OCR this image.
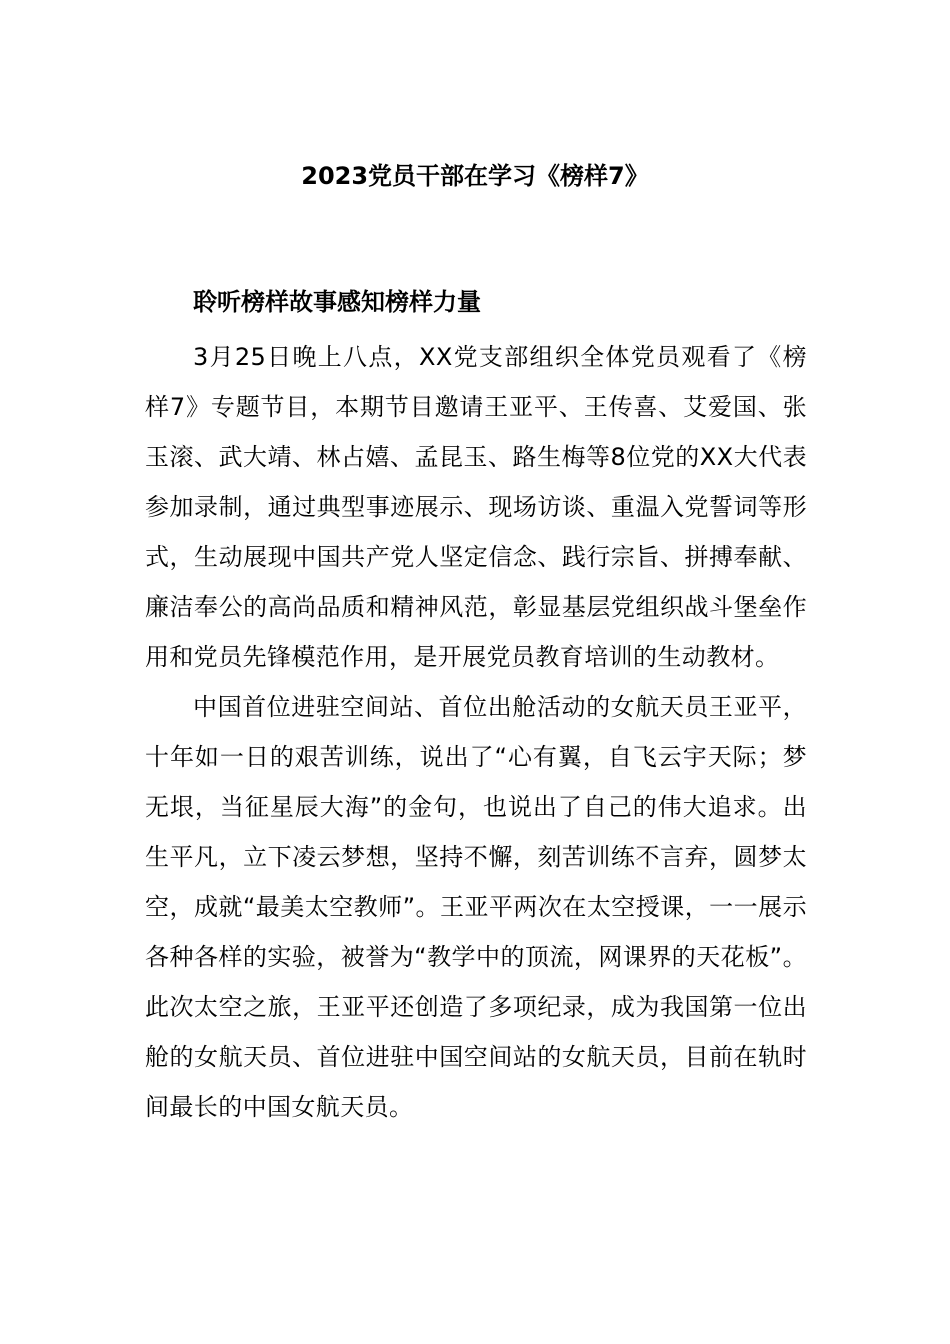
2023党员干部在学习《榜样7》
聆听榜样故事感知榜样力量

3月25日晚上八点，XX党支部组织全体党员观看了《榜样7》专题节目，本期节目邀请王亚平、王传喜、艾爱国、张玉滚、武大靖、林占嬉、孟昆玉、路生梅等8位党的XX大代表参加录制，通过典型事迹展示、现场访谈、重温入党誓词等形式，生动展现中国共产党人坚定信念、践行宗旨、拼搏奉献、廉洁奉公的高尚品质和精神风范，彰显基层党组织战斗堡垒作用和党员先锋模范作用，是开展党员教育培训的生动教材。

中国首位进驻空间站、首位出舱活动的女航天员王亚平，十年如一日的艰苦训练，说出了“心有翼，自飞云宇天际；梦无垠，当征星辰大海”的金句，也说出了自己的伟大追求。出生平凡，立下凌云梦想，坚持不懈，刻苦训练不言弃，圆梦太空，成就“最美太空教师”。王亚平两次在太空授课，一一展示各种各样的实验，被誉为“教学中的顶流，网课界的天花板”。此次太空之旅，王亚平还创造了多项纪录，成为我国第一位出舱的女航天员、首位进驻中国空间站的女航天员，目前在轨时间最长的中国女航天员。
